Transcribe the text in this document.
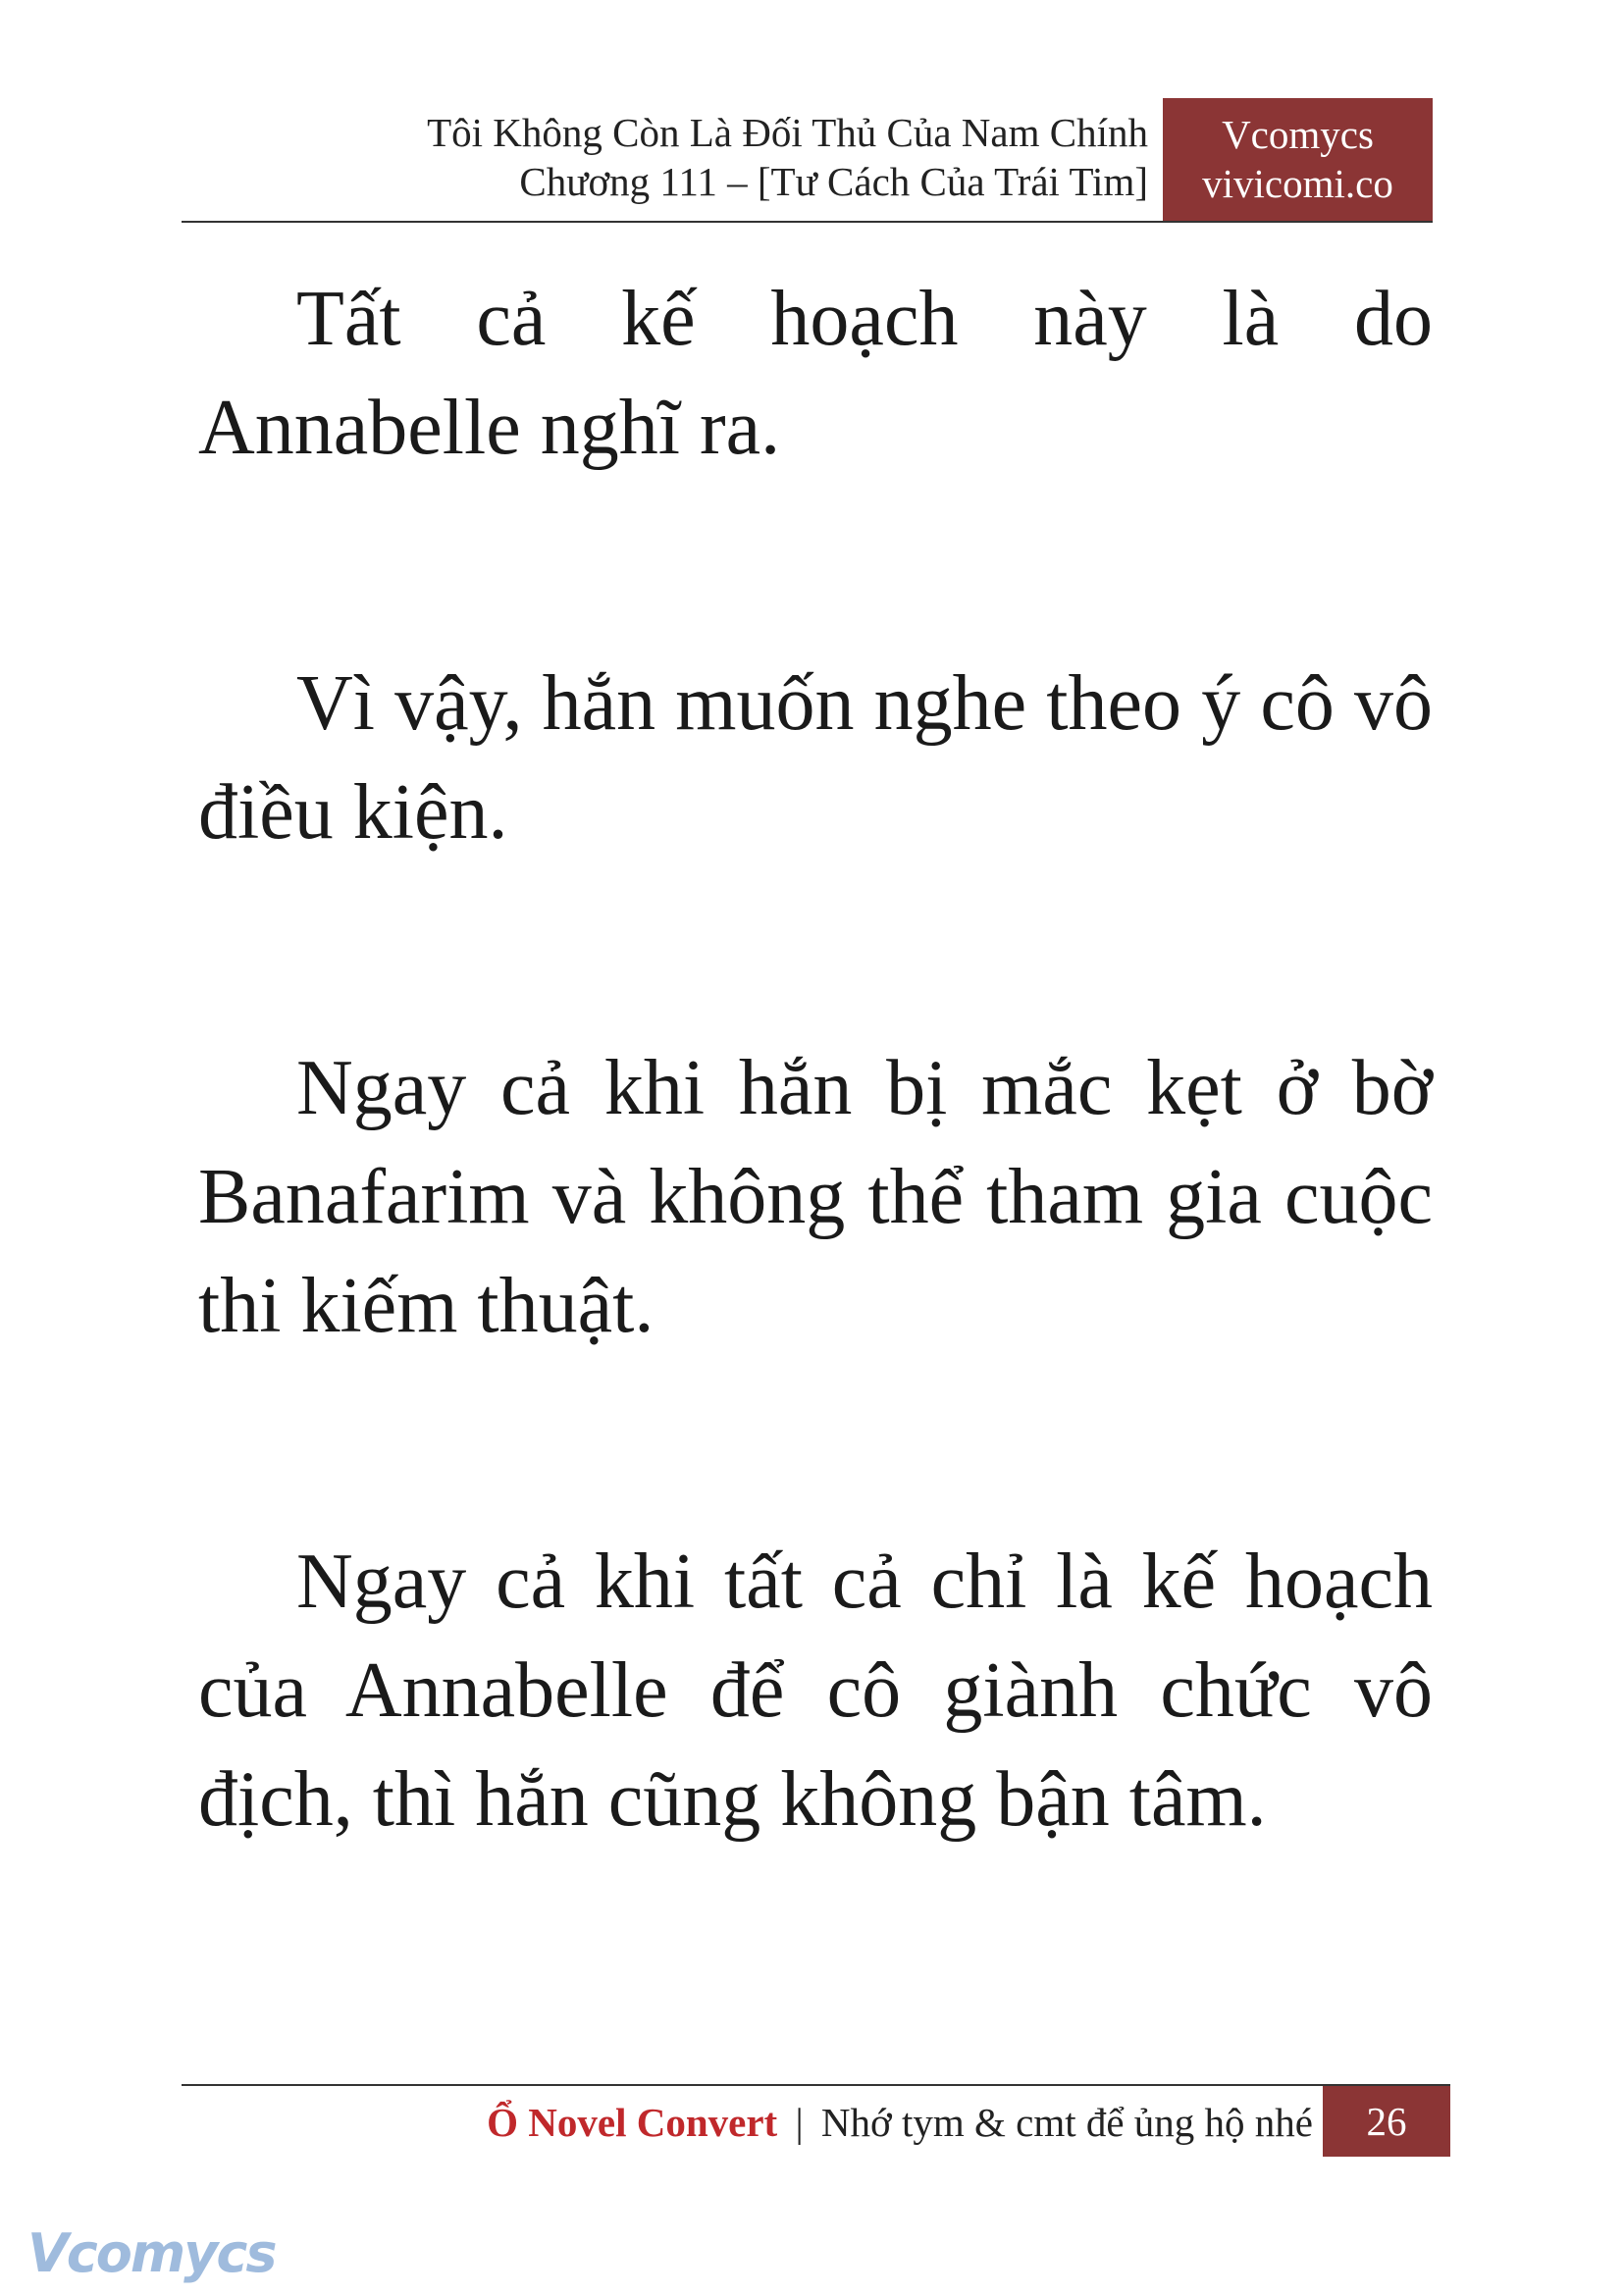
Tôi Không Còn Là Đối Thủ Của Nam Chính
Chương 111 – [Tư Cách Của Trái Tim]
Vcomycs
vivicomi.co

Tất cả kế hoạch này là do Annabelle nghĩ ra.

Vì vậy, hắn muốn nghe theo ý cô vô điều kiện.

Ngay cả khi hắn bị mắc kẹt ở bờ Banafarim và không thể tham gia cuộc thi kiếm thuật.

Ngay cả khi tất cả chỉ là kế hoạch của Annabelle để cô giành chức vô địch, thì hắn cũng không bận tâm.

Ổ Novel Convert | Nhớ tym & cmt để ủng hộ nhé	26
Vcomycs
